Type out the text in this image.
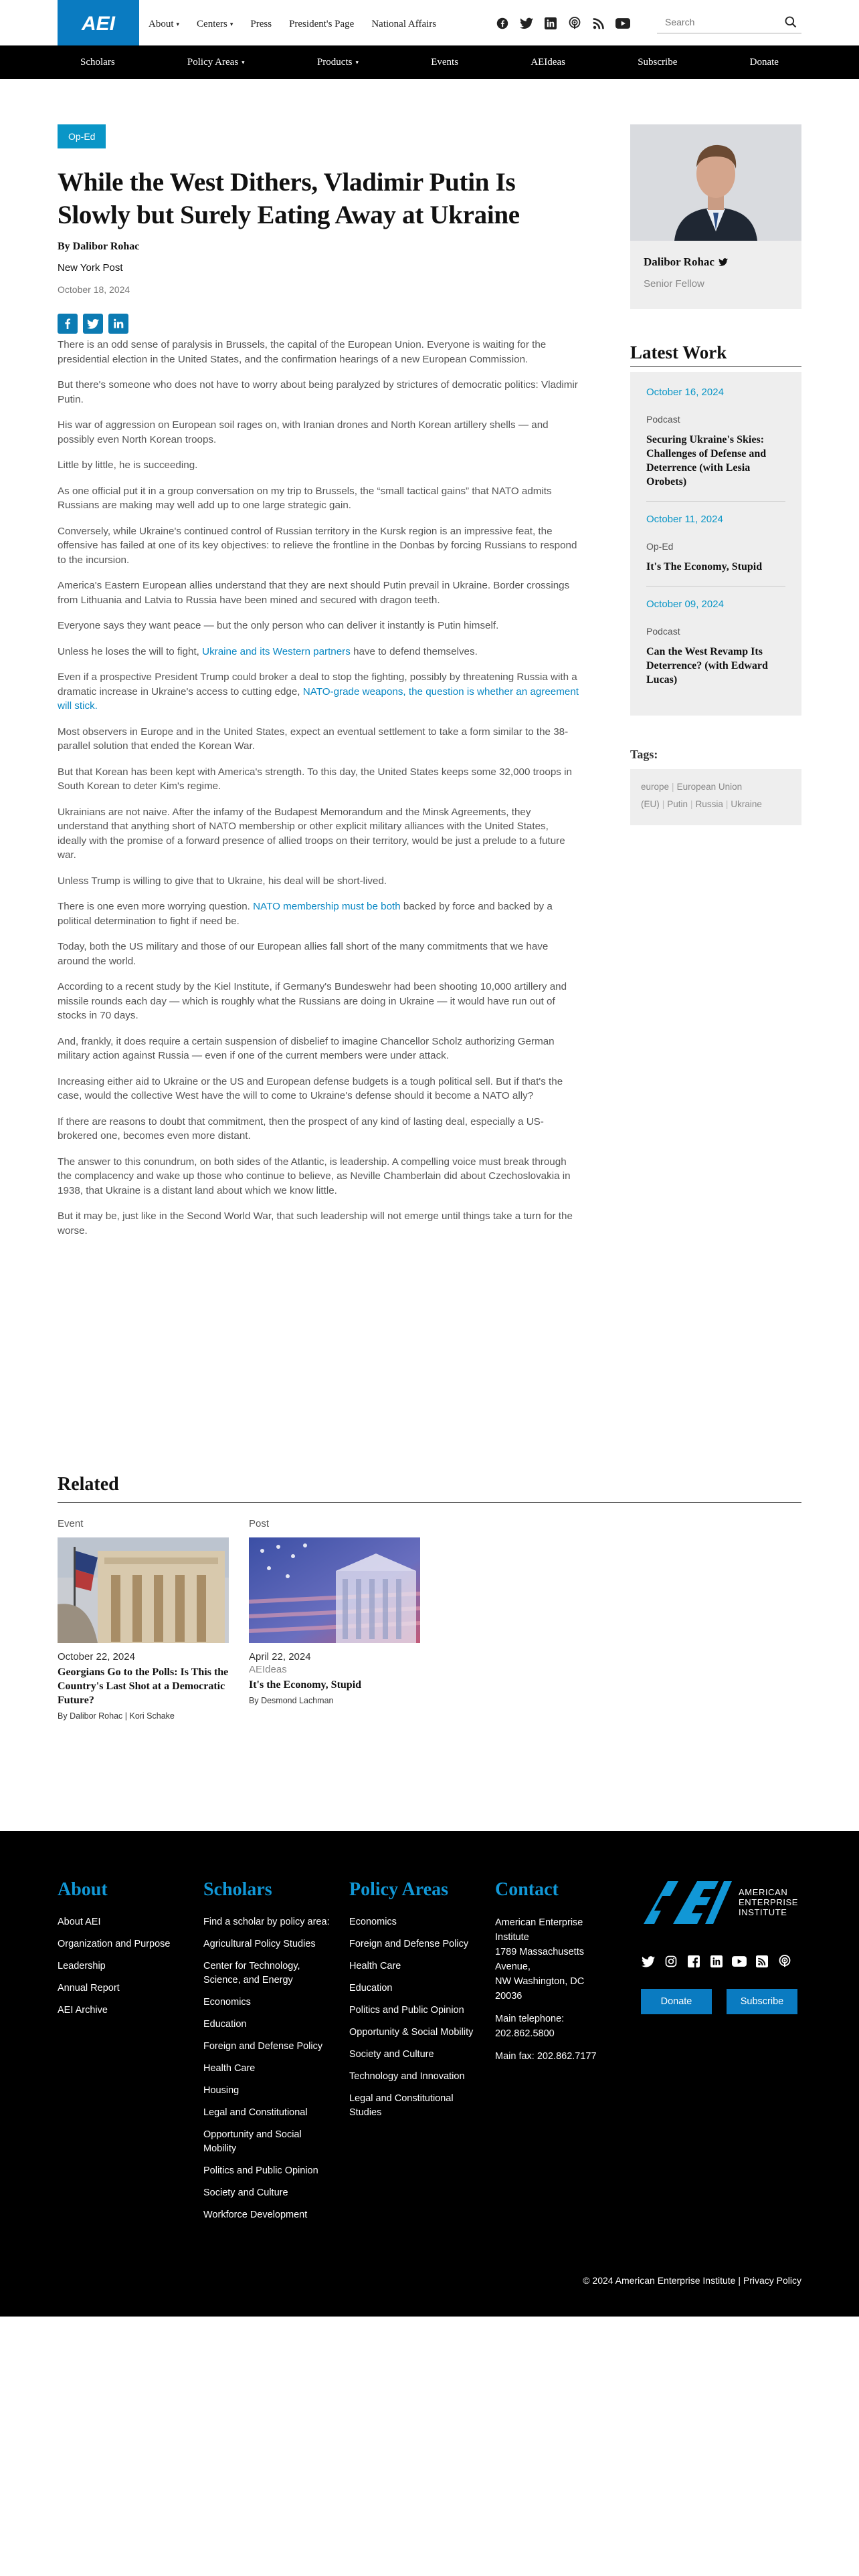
AEI	About ▾ Centers ▾ Press President's Page National Affairs
Search
Scholars	Policy Areas ▾	Products ▾	Events	AEIdeas	Subscribe	Donate
Op-Ed
While the West Dithers, Vladimir Putin Is Slowly but Surely Eating Away at Ukraine
By Dalibor Rohac
New York Post
October 18, 2024

There is an odd sense of paralysis in Brussels, the capital of the European Union. Everyone is waiting for the presidential election in the United States, and the confirmation hearings of a new European Commission.

But there's someone who does not have to worry about being paralyzed by strictures of democratic politics: Vladimir Putin.

His war of aggression on European soil rages on, with Iranian drones and North Korean artillery shells — and possibly even North Korean troops.

Little by little, he is succeeding.

As one official put it in a group conversation on my trip to Brussels, the “small tactical gains” that NATO admits Russians are making may well add up to one large strategic gain.

Conversely, while Ukraine's continued control of Russian territory in the Kursk region is an impressive feat, the offensive has failed at one of its key objectives: to relieve the frontline in the Donbas by forcing Russians to respond to the incursion.

America's Eastern European allies understand that they are next should Putin prevail in Ukraine. Border crossings from Lithuania and Latvia to Russia have been mined and secured with dragon teeth.

Everyone says they want peace — but the only person who can deliver it instantly is Putin himself.

Unless he loses the will to fight, Ukraine and its Western partners have to defend themselves.

Even if a prospective President Trump could broker a deal to stop the fighting, possibly by threatening Russia with a dramatic increase in Ukraine's access to cutting edge, NATO-grade weapons, the question is whether an agreement will stick.

Most observers in Europe and in the United States, expect an eventual settlement to take a form similar to the 38-parallel solution that ended the Korean War.

But that Korean has been kept with America's strength. To this day, the United States keeps some 32,000 troops in South Korean to deter Kim's regime.

Ukrainians are not naive. After the infamy of the Budapest Memorandum and the Minsk Agreements, they understand that anything short of NATO membership or other explicit military alliances with the United States, ideally with the promise of a forward presence of allied troops on their territory, would be just a prelude to a future war.

Unless Trump is willing to give that to Ukraine, his deal will be short-lived.

There is one even more worrying question. NATO membership must be both backed by force and backed by a political determination to fight if need be.

Today, both the US military and those of our European allies fall short of the many commitments that we have around the world.

According to a recent study by the Kiel Institute, if Germany's Bundeswehr had been shooting 10,000 artillery and missile rounds each day — which is roughly what the Russians are doing in Ukraine — it would have run out of stocks in 70 days.

And, frankly, it does require a certain suspension of disbelief to imagine Chancellor Scholz authorizing German military action against Russia — even if one of the current members were under attack.

Increasing either aid to Ukraine or the US and European defense budgets is a tough political sell. But if that's the case, would the collective West have the will to come to Ukraine's defense should it become a NATO ally?

If there are reasons to doubt that commitment, then the prospect of any kind of lasting deal, especially a US-brokered one, becomes even more distant.

The answer to this conundrum, on both sides of the Atlantic, is leadership. A compelling voice must break through the complacency and wake up those who continue to believe, as Neville Chamberlain did about Czechoslovakia in 1938, that Ukraine is a distant land about which we know little.

But it may be, just like in the Second World War, that such leadership will not emerge until things take a turn for the worse.

Dalibor Rohac
Senior Fellow
Latest Work
October 16, 2024
Podcast
Securing Ukraine's Skies: Challenges of Defense and Deterrence (with Lesia Orobets)
October 11, 2024
Op-Ed
It's The Economy, Stupid
October 09, 2024
Podcast
Can the West Revamp Its Deterrence? (with Edward Lucas)
Tags:
europe | European Union (EU) | Putin | Russia | Ukraine
Related
Event
October 22, 2024
Georgians Go to the Polls: Is This the Country's Last Shot at a Democratic Future?
By Dalibor Rohac | Kori Schake
Post
April 22, 2024
AEIdeas
It's the Economy, Stupid
By Desmond Lachman
About
About AEI
Organization and Purpose
Leadership
Annual Report
AEI Archive
Scholars
Find a scholar by policy area:
Agricultural Policy Studies
Center for Technology, Science, and Energy
Economics
Education
Foreign and Defense Policy
Health Care
Housing
Legal and Constitutional
Opportunity and Social Mobility
Politics and Public Opinion
Society and Culture
Workforce Development
Policy Areas
Economics
Foreign and Defense Policy
Health Care
Education
Politics and Public Opinion
Opportunity & Social Mobility
Society and Culture
Technology and Innovation
Legal and Constitutional Studies
Contact
American Enterprise Institute
1789 Massachusetts Avenue,
NW Washington, DC 20036
Main telephone: 202.862.5800
Main fax: 202.862.7177
AMERICAN ENTERPRISE INSTITUTE
Donate	Subscribe
© 2024 American Enterprise Institute | Privacy Policy
